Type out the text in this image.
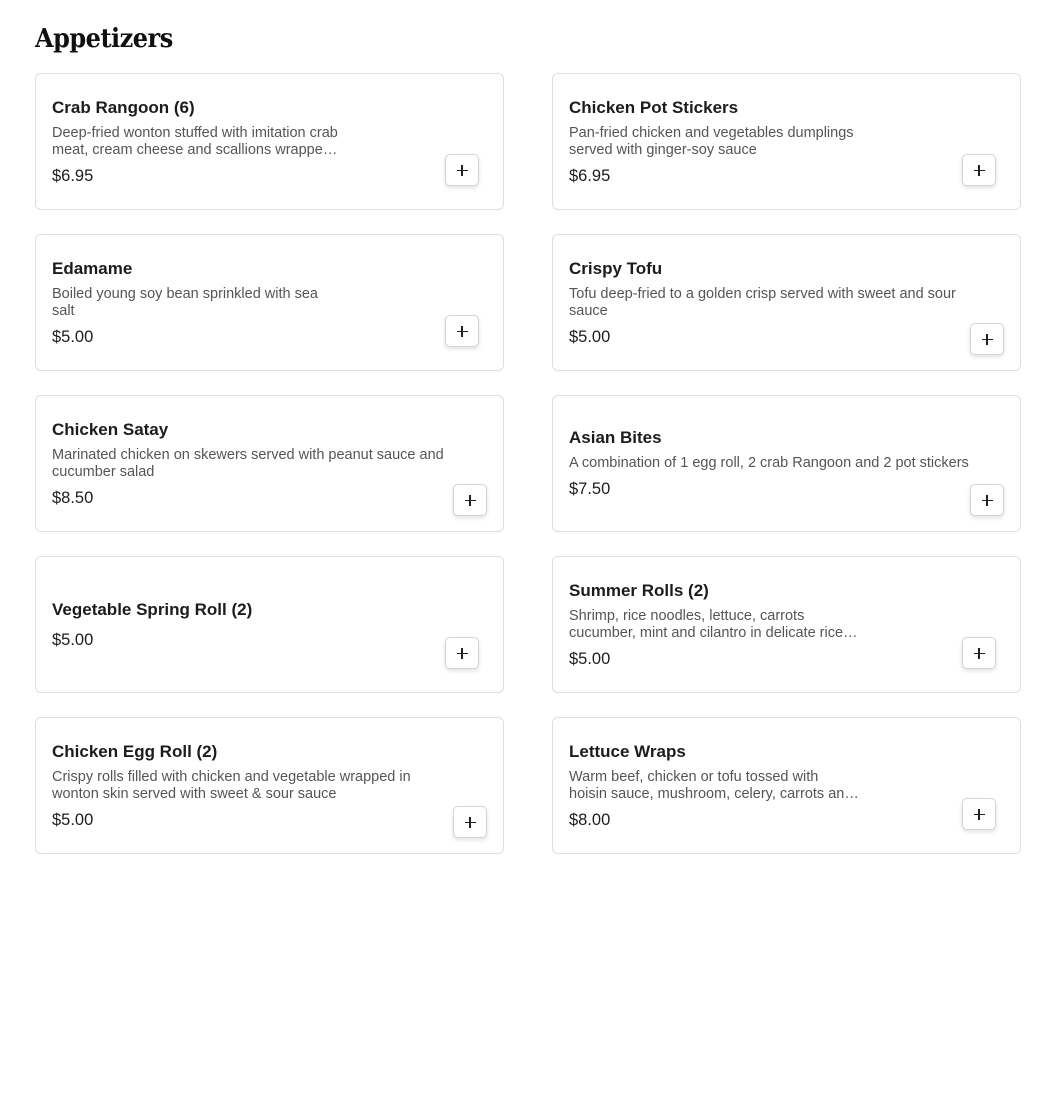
Appetizers
Crab Rangoon (6)
Deep-fried wonton stuffed with imitation crab meat, cream cheese and scallions wrapped
$6.95
Chicken Pot Stickers
Pan-fried chicken and vegetables dumplings served with ginger-soy sauce
$6.95
Edamame
Boiled young soy bean sprinkled with sea salt
$5.00
Crispy Tofu
Tofu deep-fried to a golden crisp served with sweet and sour sauce
$5.00
Chicken Satay
Marinated chicken on skewers served with peanut sauce and cucumber salad
$8.50
Asian Bites
A combination of 1 egg roll, 2 crab Rangoon and 2 pot stickers
$7.50
Vegetable Spring Roll (2)
$5.00
Summer Rolls (2)
Shrimp, rice noodles, lettuce, carrots cucumber, mint and cilantro in delicate rice
$5.00
Chicken Egg Roll (2)
Crispy rolls filled with chicken and vegetable wrapped in wonton skin served with sweet & sour sauce
$5.00
Lettuce Wraps
Warm beef, chicken or tofu tossed with hoisin sauce, mushroom, celery, carrots and
$8.00
